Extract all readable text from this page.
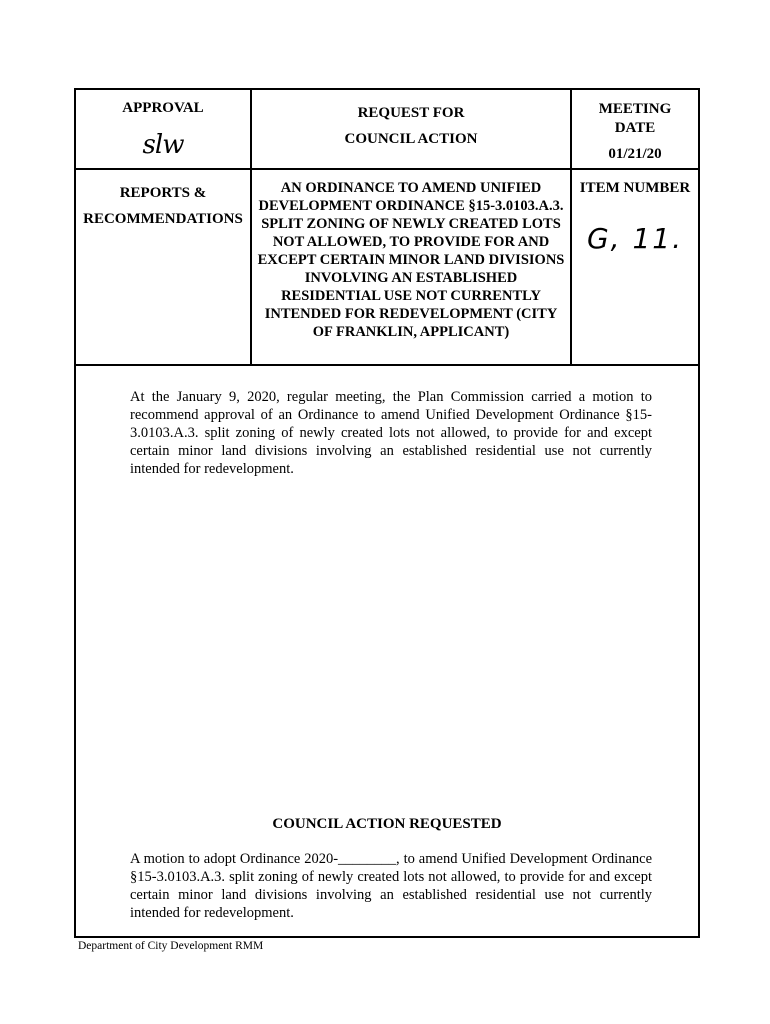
APPROVAL
slw
REQUEST FOR
COUNCIL ACTION
MEETING
DATE
01/21/20
REPORTS &
RECOMMENDATIONS
AN ORDINANCE TO AMEND UNIFIED DEVELOPMENT ORDINANCE §15-3.0103.A.3. SPLIT ZONING OF NEWLY CREATED LOTS NOT ALLOWED, TO PROVIDE FOR AND EXCEPT CERTAIN MINOR LAND DIVISIONS INVOLVING AN ESTABLISHED RESIDENTIAL USE NOT CURRENTLY INTENDED FOR REDEVELOPMENT (CITY OF FRANKLIN, APPLICANT)
ITEM NUMBER
G, 11.
At the January 9, 2020, regular meeting, the Plan Commission carried a motion to recommend approval of an Ordinance to amend Unified Development Ordinance §15-3.0103.A.3. split zoning of newly created lots not allowed, to provide for and except certain minor land divisions involving an established residential use not currently intended for redevelopment.
COUNCIL ACTION REQUESTED
A motion to adopt Ordinance 2020-________, to amend Unified Development Ordinance §15-3.0103.A.3. split zoning of newly created lots not allowed, to provide for and except certain minor land divisions involving an established residential use not currently intended for redevelopment.
Department of City Development RMM
